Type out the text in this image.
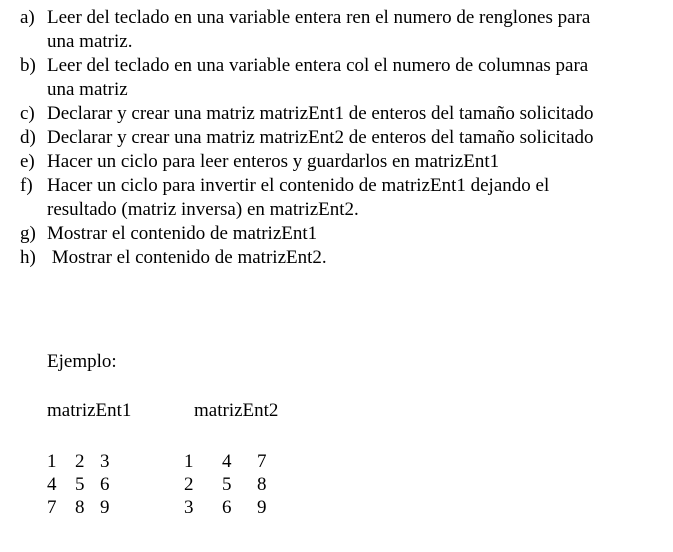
a) Leer del teclado en una variable entera ren el numero de renglones para
una matriz.
b) Leer del teclado en una variable entera col el numero de columnas para
una matriz
c) Declarar y crear una matriz matrizEnt1 de enteros del tamaño solicitado
d) Declarar y crear una matriz matrizEnt2 de enteros del tamaño solicitado
e) Hacer un ciclo para leer enteros y guardarlos en matrizEnt1
f) Hacer un ciclo para invertir el contenido de matrizEnt1 dejando el
resultado (matriz inversa) en matrizEnt2.
g) Mostrar el contenido de matrizEnt1
h) Mostrar el contenido de matrizEnt2.
Ejemplo:
matrizEnt1	matrizEnt2
1 2 3
4 5 6
7 8 9
1 4 7
2 5 8
3 6 9
